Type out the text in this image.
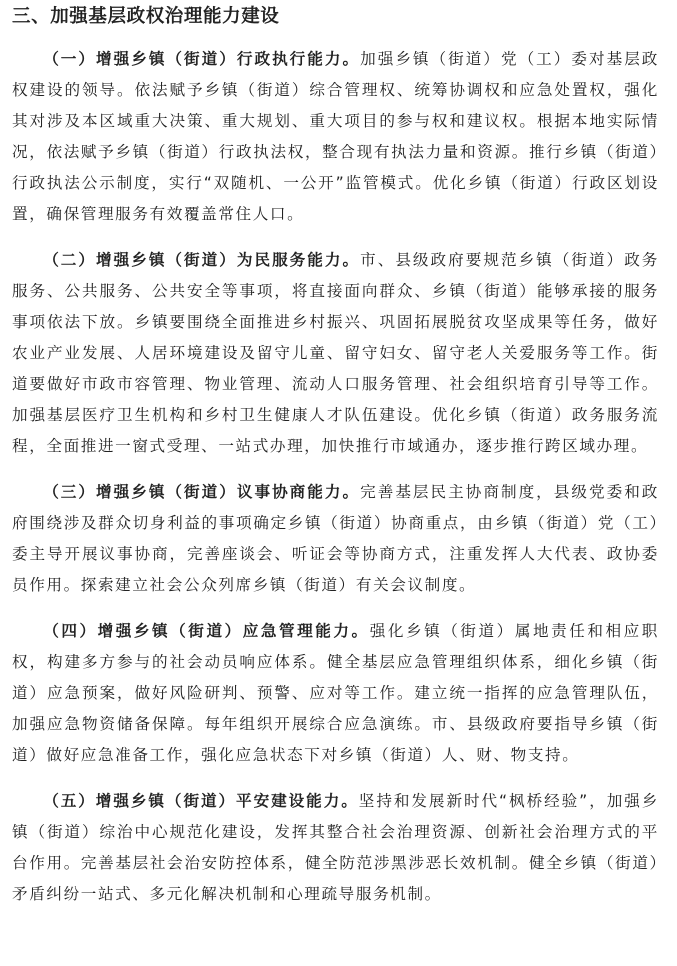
三、加强基层政权治理能力建设

（一）增强乡镇（街道）行政执行能力。加强乡镇（街道）党（工）委对基层政权建设的领导。依法赋予乡镇（街道）综合管理权、统筹协调权和应急处置权，强化其对涉及本区域重大决策、重大规划、重大项目的参与权和建议权。根据本地实际情况，依法赋予乡镇（街道）行政执法权，整合现有执法力量和资源。推行乡镇（街道）行政执法公示制度，实行“双随机、一公开”监管模式。优化乡镇（街道）行政区划设置，确保管理服务有效覆盖常住人口。

（二）增强乡镇（街道）为民服务能力。市、县级政府要规范乡镇（街道）政务服务、公共服务、公共安全等事项，将直接面向群众、乡镇（街道）能够承接的服务事项依法下放。乡镇要围绕全面推进乡村振兴、巩固拓展脱贫攻坚成果等任务，做好农业产业发展、人居环境建设及留守儿童、留守妇女、留守老人关爱服务等工作。街道要做好市政市容管理、物业管理、流动人口服务管理、社会组织培育引导等工作。加强基层医疗卫生机构和乡村卫生健康人才队伍建设。优化乡镇（街道）政务服务流程，全面推进一窗式受理、一站式办理，加快推行市域通办，逐步推行跨区域办理。

（三）增强乡镇（街道）议事协商能力。完善基层民主协商制度，县级党委和政府围绕涉及群众切身利益的事项确定乡镇（街道）协商重点，由乡镇（街道）党（工）委主导开展议事协商，完善座谈会、听证会等协商方式，注重发挥人大代表、政协委员作用。探索建立社会公众列席乡镇（街道）有关会议制度。

（四）增强乡镇（街道）应急管理能力。强化乡镇（街道）属地责任和相应职权，构建多方参与的社会动员响应体系。健全基层应急管理组织体系，细化乡镇（街道）应急预案，做好风险研判、预警、应对等工作。建立统一指挥的应急管理队伍，加强应急物资储备保障。每年组织开展综合应急演练。市、县级政府要指导乡镇（街道）做好应急准备工作，强化应急状态下对乡镇（街道）人、财、物支持。

（五）增强乡镇（街道）平安建设能力。坚持和发展新时代“枫桥经验”，加强乡镇（街道）综治中心规范化建设，发挥其整合社会治理资源、创新社会治理方式的平台作用。完善基层社会治安防控体系，健全防范涉黑涉恶长效机制。健全乡镇（街道）矛盾纠纷一站式、多元化解决机制和心理疏导服务机制。
